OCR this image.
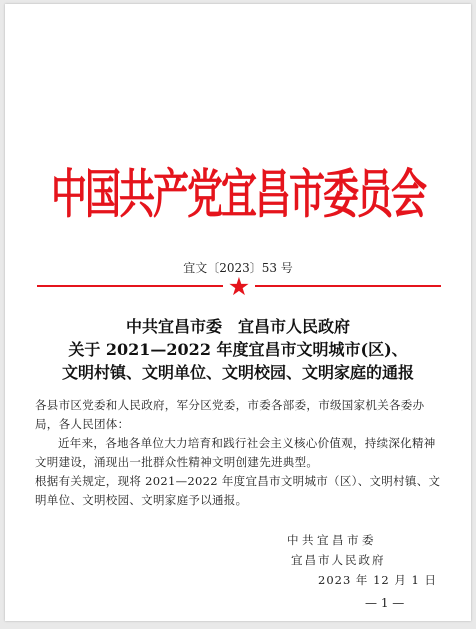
中国共产党宜昌市委员会
宜文〔2023〕53 号
★
中共宜昌市委　宜昌市人民政府
关于 2021—2022 年度宜昌市文明城市(区)、
文明村镇、文明单位、文明校园、文明家庭的通报
各县市区党委和人民政府，军分区党委，市委各部委，市级国家机关各委办局，各人民团体：
近年来，各地各单位大力培育和践行社会主义核心价值观，持续深化精神文明建设，涌现出一批群众性精神文明创建先进典型。
根据有关规定，现将 2021—2022 年度宜昌市文明城市（区）、文明村镇、文明单位、文明校园、文明家庭予以通报。
中共宜昌市委
宜昌市人民政府
2023 年 12 月 1 日
— 1 —
